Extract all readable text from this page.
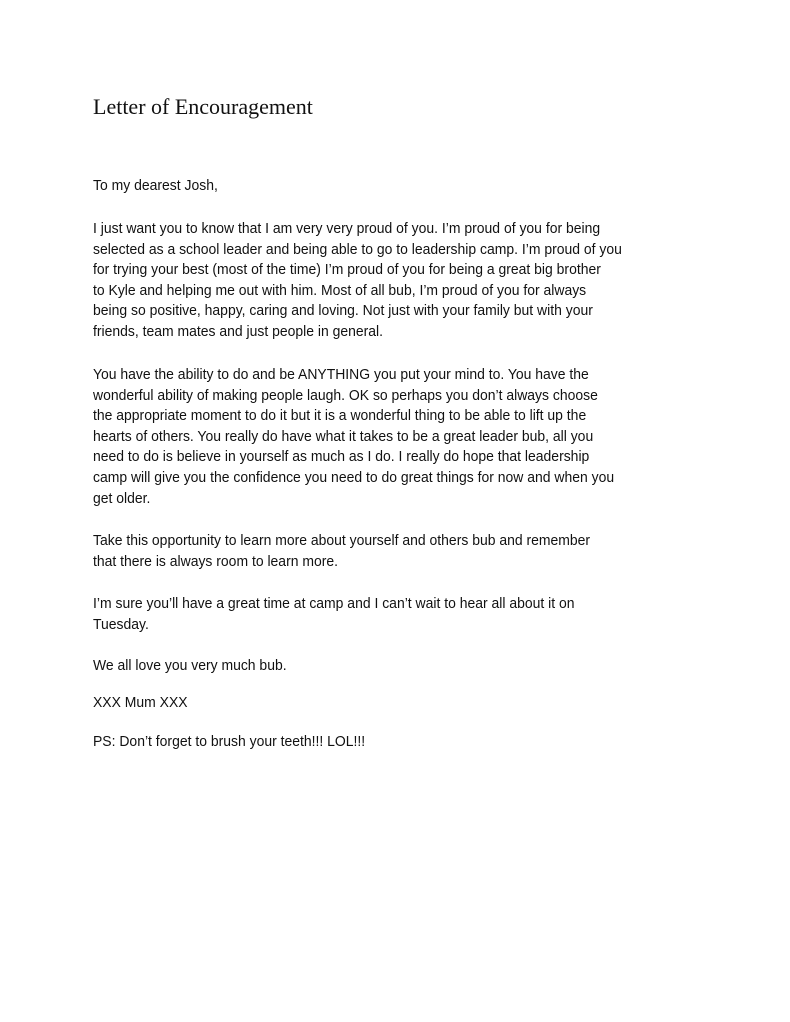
Letter of Encouragement
To my dearest Josh,
I just want you to know that I am very very proud of you. I’m proud of you for being
selected as a school leader and being able to go to leadership camp. I’m proud of you
for trying your best (most of the time) I’m proud of you for being a great big brother
to Kyle and helping me out with him. Most of all bub, I’m proud of you for always
being so positive, happy, caring and loving. Not just with your family but with your
friends, team mates and just people in general.
You have the ability to do and be ANYTHING you put your mind to. You have the
wonderful ability of making people laugh. OK so perhaps you don’t always choose
the appropriate moment to do it but it is a wonderful thing to be able to lift up the
hearts of others. You really do have what it takes to be a great leader bub, all you
need to do is believe in yourself as much as I do. I really do hope that leadership
camp will give you the confidence you need to do great things for now and when you
get older.
Take this opportunity to learn more about yourself and others bub and remember
that there is always room to learn more.
I’m sure you’ll have a great time at camp and I can’t wait to hear all about it on
Tuesday.
We all love you very much bub.
XXX Mum XXX
PS: Don’t forget to brush your teeth!!! LOL!!!
